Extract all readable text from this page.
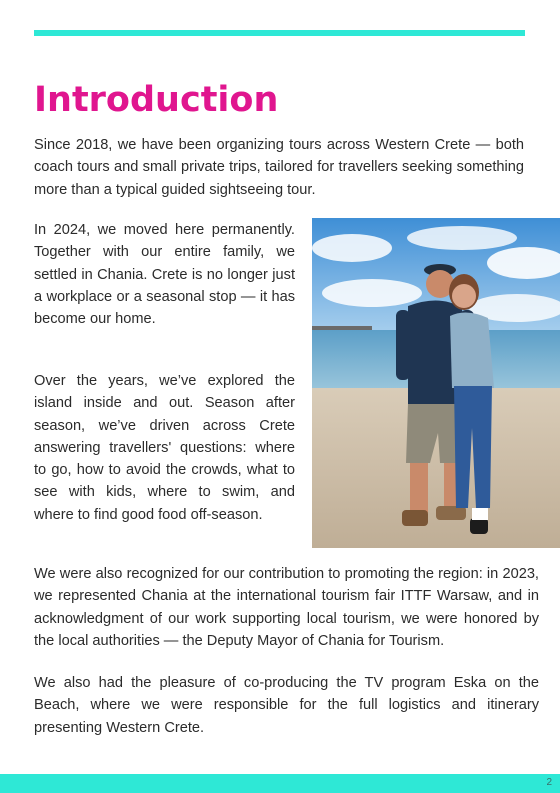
Introduction

Since 2018, we have been organizing tours across Western Crete — both coach tours and small private trips, tailored for travellers seeking something more than a typical guided sightseeing tour.

In 2024, we moved here permanently. Together with our entire family, we settled in Chania. Crete is no longer just a workplace or a seasonal stop — it has become our home.

Over the years, we’ve explored the island inside and out. Season after season, we’ve driven across Crete answering travellers' questions: where to go, how to avoid the crowds, what to see with kids, where to swim, and where to find good food off-season.

We were also recognized for our contribution to promoting the region: in 2023, we represented Chania at the international tourism fair ITTF Warsaw, and in acknowledgment of our work supporting local tourism, we were honored by the local authorities — the Deputy Mayor of Chania for Tourism.

We also had the pleasure of co-producing the TV program Eska on the Beach, where we were responsible for the full logistics and itinerary presenting Western Crete.

2
